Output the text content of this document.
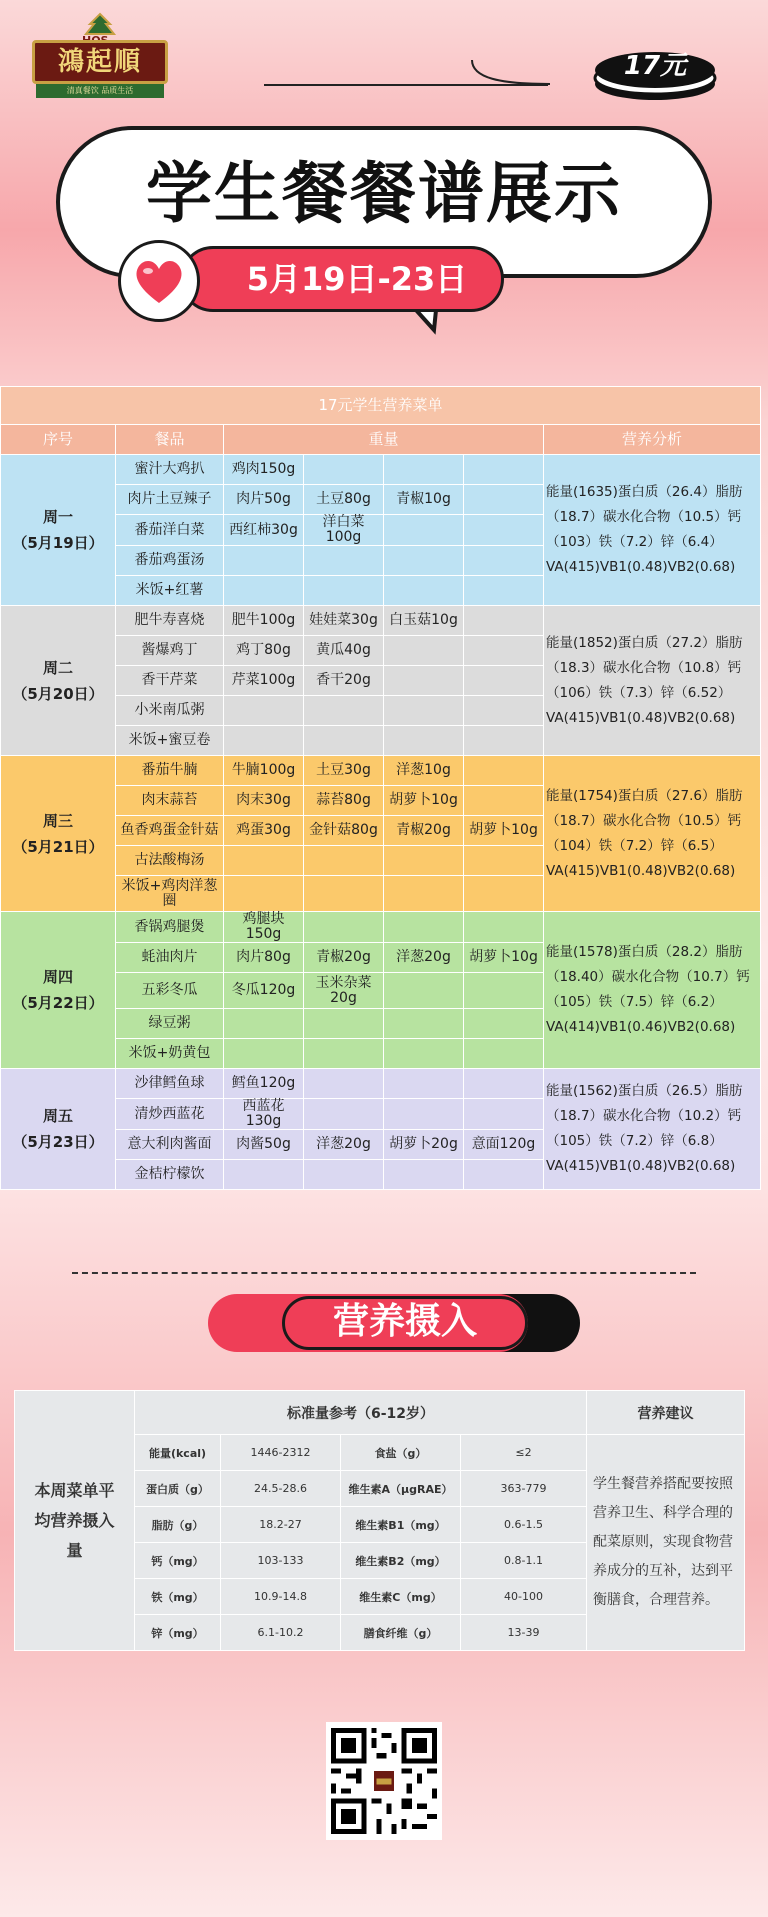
鴻起順
清真餐饮 品质生活
17元
学生餐餐谱展示
5月19日-23日
17元学生营养菜单						
序号	餐品	重量				营养分析
周一
（5月19日）	蜜汁大鸡扒	鸡肉150g				能量(1635)蛋白质（26.4）脂肪
（18.7）碳水化合物（10.5）钙
（103）铁（7.2）锌（6.4）
VA(415)VB1(0.48)VB2(0.68)
	肉片土豆辣子	肉片50g	土豆80g	青椒10g		
	番茄洋白菜	西红柿30g	洋白菜100g			
	番茄鸡蛋汤					
	米饭+红薯					
周二
（5月20日）	肥牛寿喜烧	肥牛100g	娃娃菜30g	白玉菇10g		能量(1852)蛋白质（27.2）脂肪
（18.3）碳水化合物（10.8）钙
（106）铁（7.3）锌（6.52）
VA(415)VB1(0.48)VB2(0.68)
	酱爆鸡丁	鸡丁80g	黄瓜40g			
	香干芹菜	芹菜100g	香干20g			
	小米南瓜粥					
	米饭+蜜豆卷					
周三
（5月21日）	番茄牛腩	牛腩100g	土豆30g	洋葱10g		能量(1754)蛋白质（27.6）脂肪
（18.7）碳水化合物（10.5）钙
（104）铁（7.2）锌（6.5）
VA(415)VB1(0.48)VB2(0.68)
	肉末蒜苔	肉末30g	蒜苔80g	胡萝卜10g		
	鱼香鸡蛋金针菇	鸡蛋30g	金针菇80g	青椒20g	胡萝卜10g	
	古法酸梅汤					
	米饭+鸡肉洋葱圈					
周四
（5月22日）	香锅鸡腿煲	鸡腿块150g				能量(1578)蛋白质（28.2）脂肪
（18.40）碳水化合物（10.7）钙
（105）铁（7.5）锌（6.2）
VA(414)VB1(0.46)VB2(0.68)
	蚝油肉片	肉片80g	青椒20g	洋葱20g	胡萝卜10g	
	五彩冬瓜	冬瓜120g	玉米杂菜20g			
	绿豆粥					
	米饭+奶黄包					
周五
（5月23日）	沙律鳕鱼球	鳕鱼120g				能量(1562)蛋白质（26.5）脂肪
（18.7）碳水化合物（10.2）钙
（105）铁（7.2）锌（6.8）
VA(415)VB1(0.48)VB2(0.68)
	清炒西蓝花	西蓝花130g				
	意大利肉酱面	肉酱50g	洋葱20g	胡萝卜20g	意面120g	
	金桔柠檬饮					
营养摄入
本周菜单平均营养摄入量	标准量参考（6-12岁）				营养建议
	能量(kcal)	1446-2312	食盐（g）	≤2	学生餐营养搭配要按照营养卫生、科学合理的配菜原则，实现食物营养成分的互补，达到平衡膳食，合理营养。
	蛋白质（g）	24.5-28.6	维生素A（μgRAE）	363-779	
	脂肪（g）	18.2-27	维生素B1（mg）	0.6-1.5	
	钙（mg）	103-133	维生素B2（mg）	0.8-1.1	
	铁（mg）	10.9-14.8	维生素C（mg）	40-100	
	锌（mg）	6.1-10.2	膳食纤维（g）	13-39	
